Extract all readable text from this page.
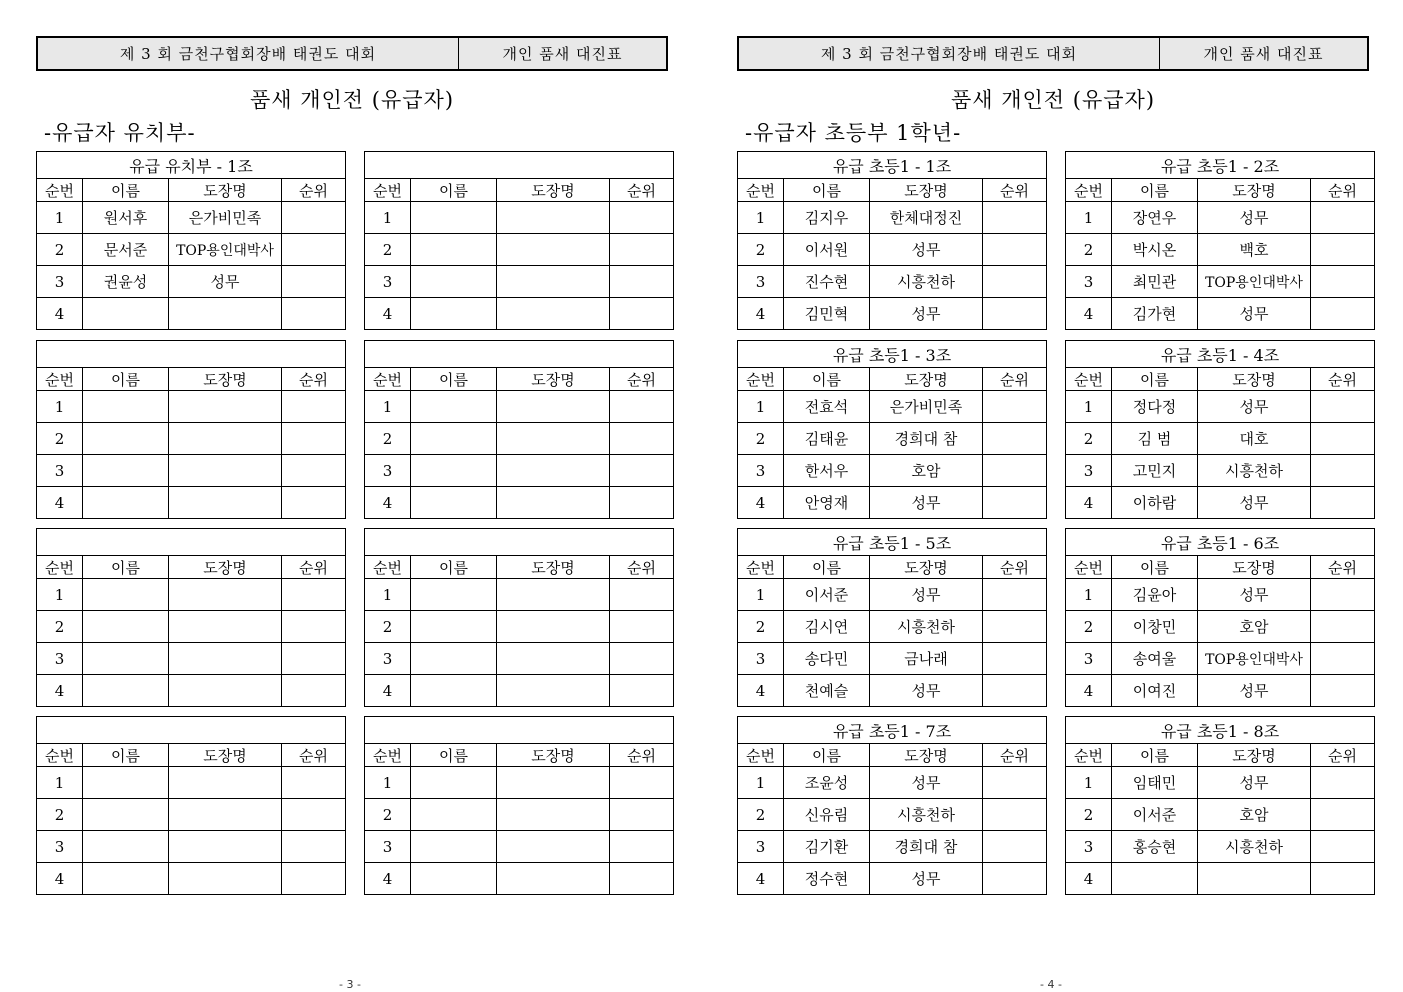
제 3 회 금천구협회장배 태권도 대회	개인 품새 대진표
품새 개인전 (유급자)
-유급자 유치부-
유급 유치부 - 1조			
순번	이름	도장명	순위
1	원서후	은가비민족	
2	문서준	TOP용인대박사	
3	권윤성	성무	
4			

순번	이름	도장명	순위
1			
2			
3			
4			

순번	이름	도장명	순위
1			
2			
3			
4			

순번	이름	도장명	순위
1			
2			
3			
4			

순번	이름	도장명	순위
1			
2			
3			
4			

순번	이름	도장명	순위
1			
2			
3			
4			

순번	이름	도장명	순위
1			
2			
3			
4			

순번	이름	도장명	순위
1			
2			
3			
4			
- 3 -
제 3 회 금천구협회장배 태권도 대회	개인 품새 대진표
품새 개인전 (유급자)
-유급자 초등부 1학년-
유급 초등1 - 1조			
순번	이름	도장명	순위
1	김지우	한체대정진	
2	이서원	성무	
3	진수현	시흥천하	
4	김민혁	성무	
유급 초등1 - 2조			
순번	이름	도장명	순위
1	장연우	성무	
2	박시온	백호	
3	최민관	TOP용인대박사	
4	김가현	성무	
유급 초등1 - 3조			
순번	이름	도장명	순위
1	전효석	은가비민족	
2	김태윤	경희대 참	
3	한서우	호암	
4	안영재	성무	
유급 초등1 - 4조			
순번	이름	도장명	순위
1	정다정	성무	
2	김 범	대호	
3	고민지	시흥천하	
4	이하람	성무	
유급 초등1 - 5조			
순번	이름	도장명	순위
1	이서준	성무	
2	김시연	시흥천하	
3	송다민	금나래	
4	천예슬	성무	
유급 초등1 - 6조			
순번	이름	도장명	순위
1	김윤아	성무	
2	이창민	호암	
3	송여울	TOP용인대박사	
4	이여진	성무	
유급 초등1 - 7조			
순번	이름	도장명	순위
1	조윤성	성무	
2	신유림	시흥천하	
3	김기환	경희대 참	
4	정수현	성무	
유급 초등1 - 8조			
순번	이름	도장명	순위
1	임태민	성무	
2	이서준	호암	
3	홍승현	시흥천하	
4			
- 4 -
